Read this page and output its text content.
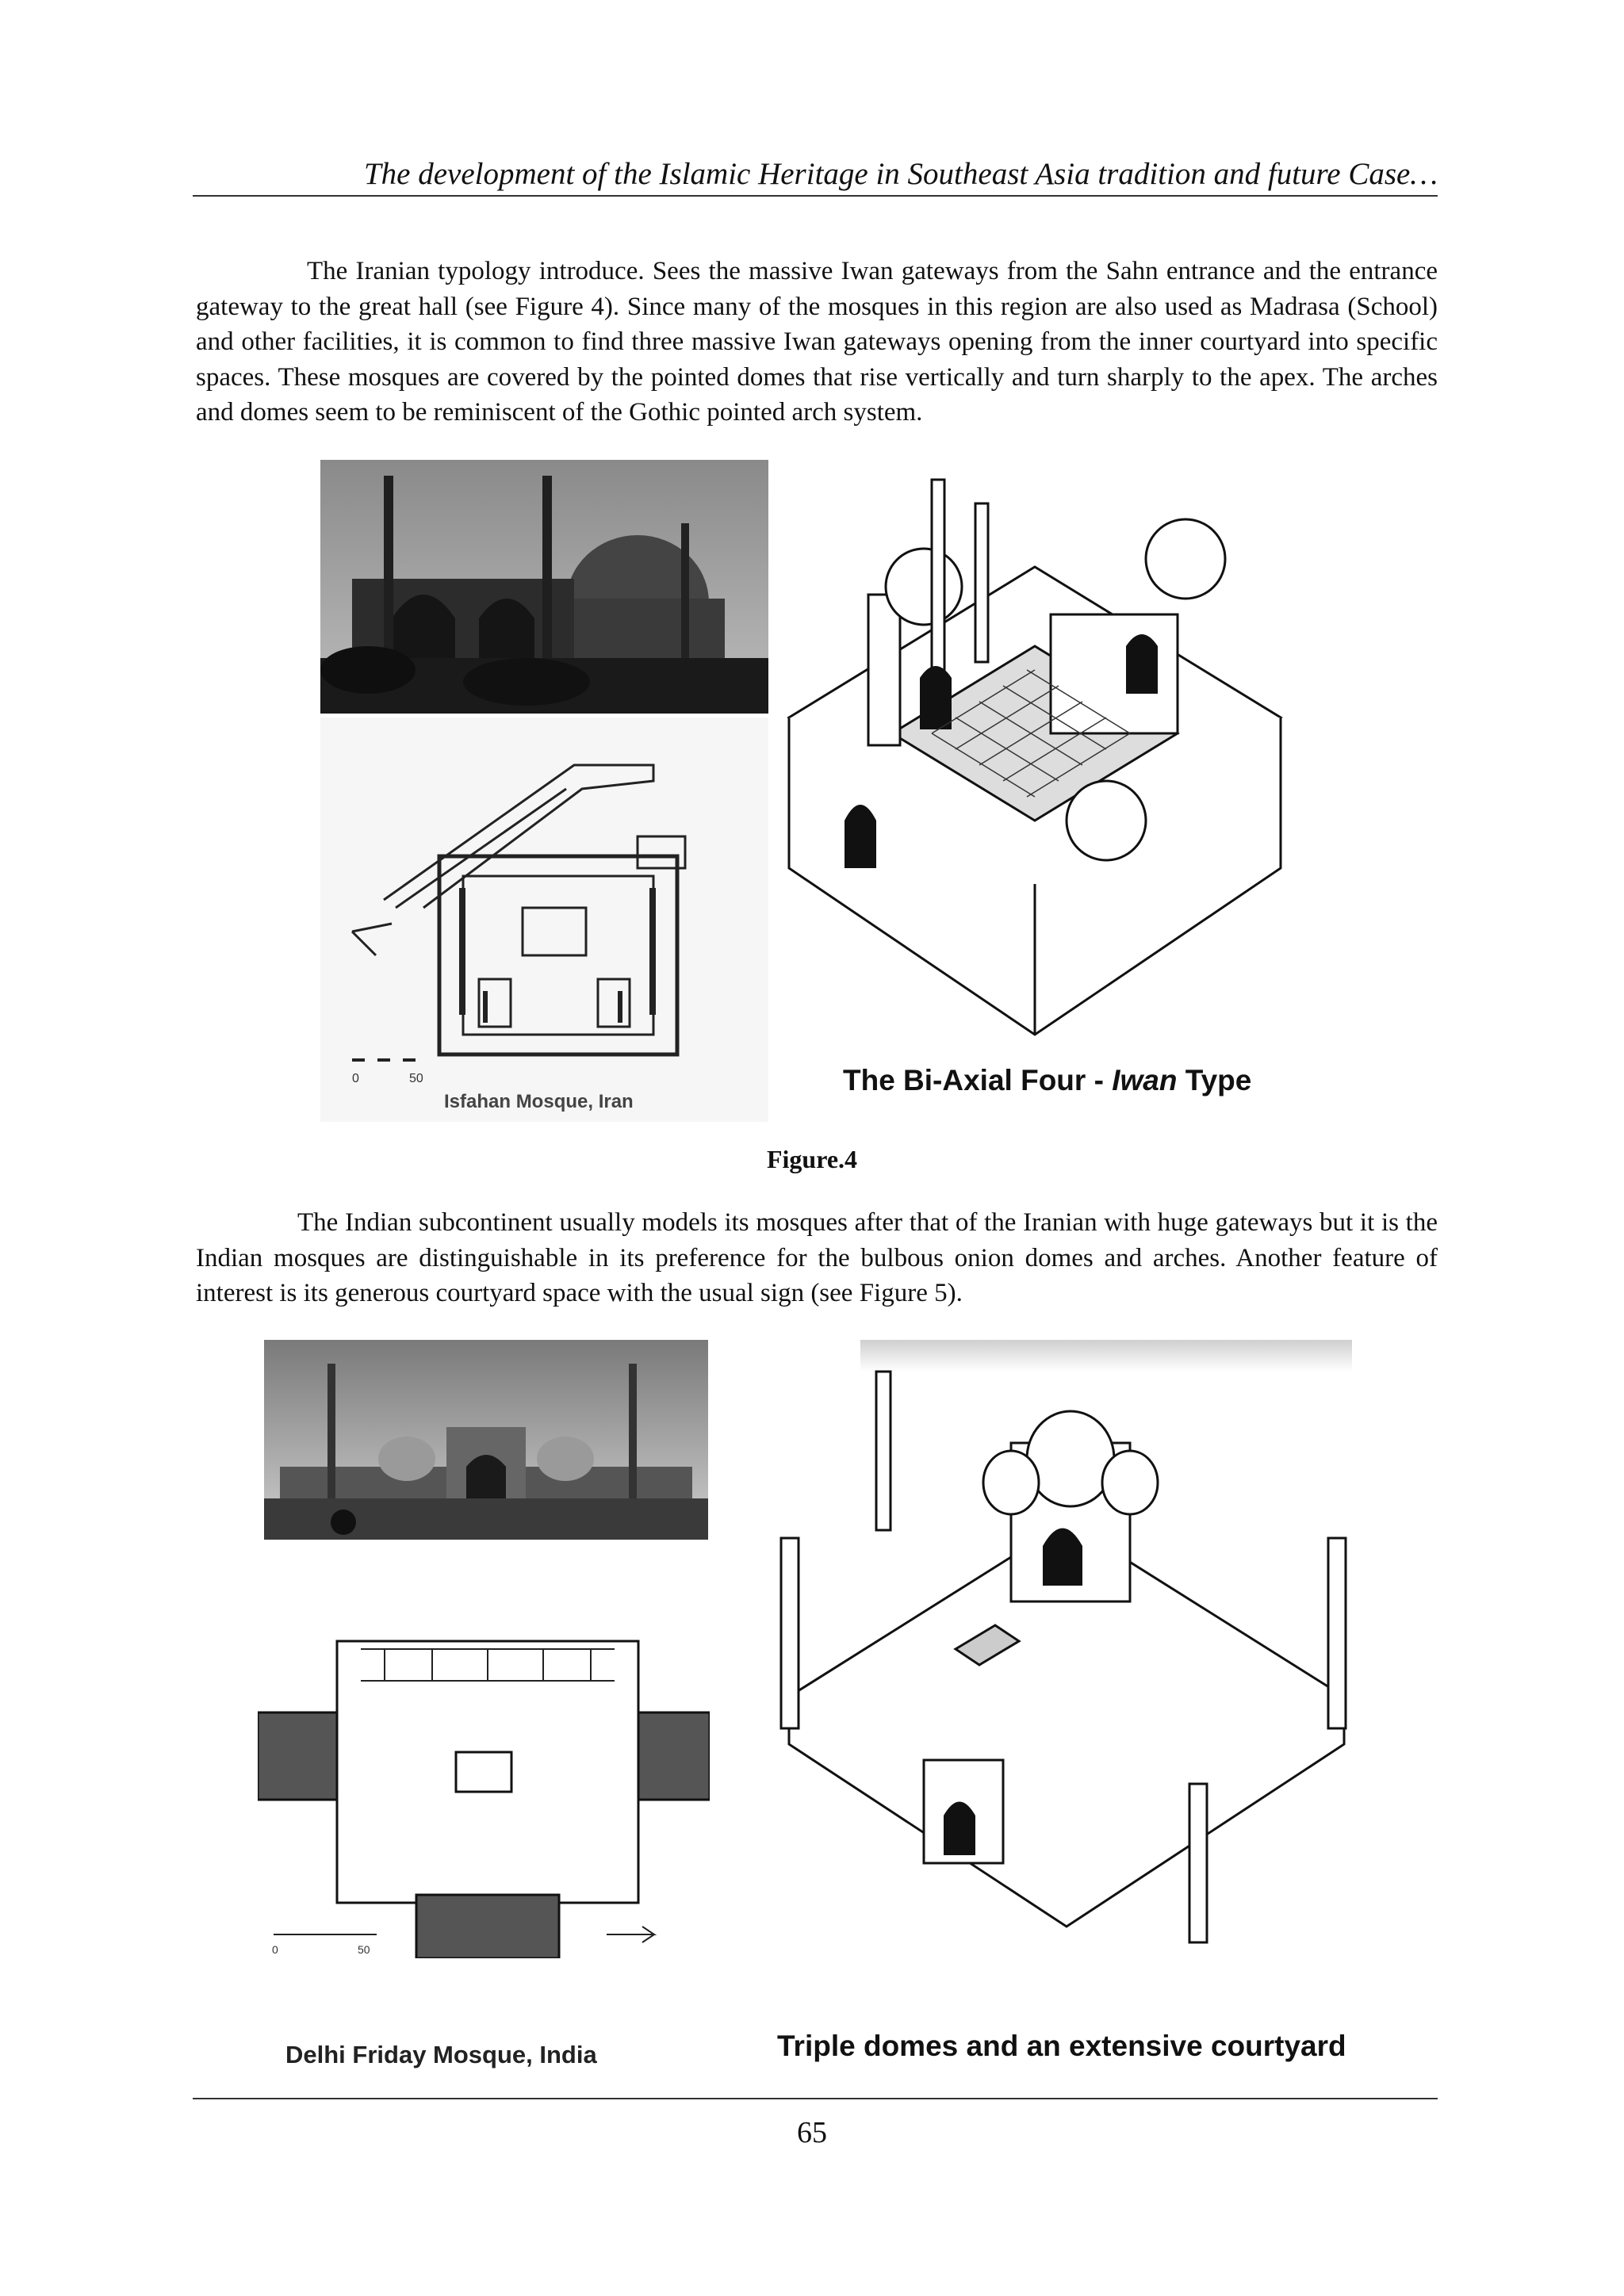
The development of the Islamic Heritage in Southeast Asia tradition and future Case…
The Iranian typology introduce. Sees the massive Iwan gateways from the Sahn entrance and the entrance gateway to the great hall (see Figure 4). Since many of the mosques in this region are also used as Madrasa (School) and other facilities, it is common to find three massive Iwan gateways opening from the inner courtyard into specific spaces. These mosques are covered by the pointed domes that rise vertically and turn sharply to the apex. The arches and domes seem to be reminiscent of the Gothic pointed arch system.
0	50
Isfahan Mosque, Iran
The Bi-Axial Four - Iwan Type
Figure.4
The Indian subcontinent usually models its mosques after that of the Iranian with huge gateways but it is the Indian mosques are distinguishable in its preference for the bulbous onion domes and arches. Another feature of interest is its generous courtyard space with the usual sign (see Figure 5).
0	50
Delhi Friday Mosque, India	Triple domes and an extensive courtyard
65
